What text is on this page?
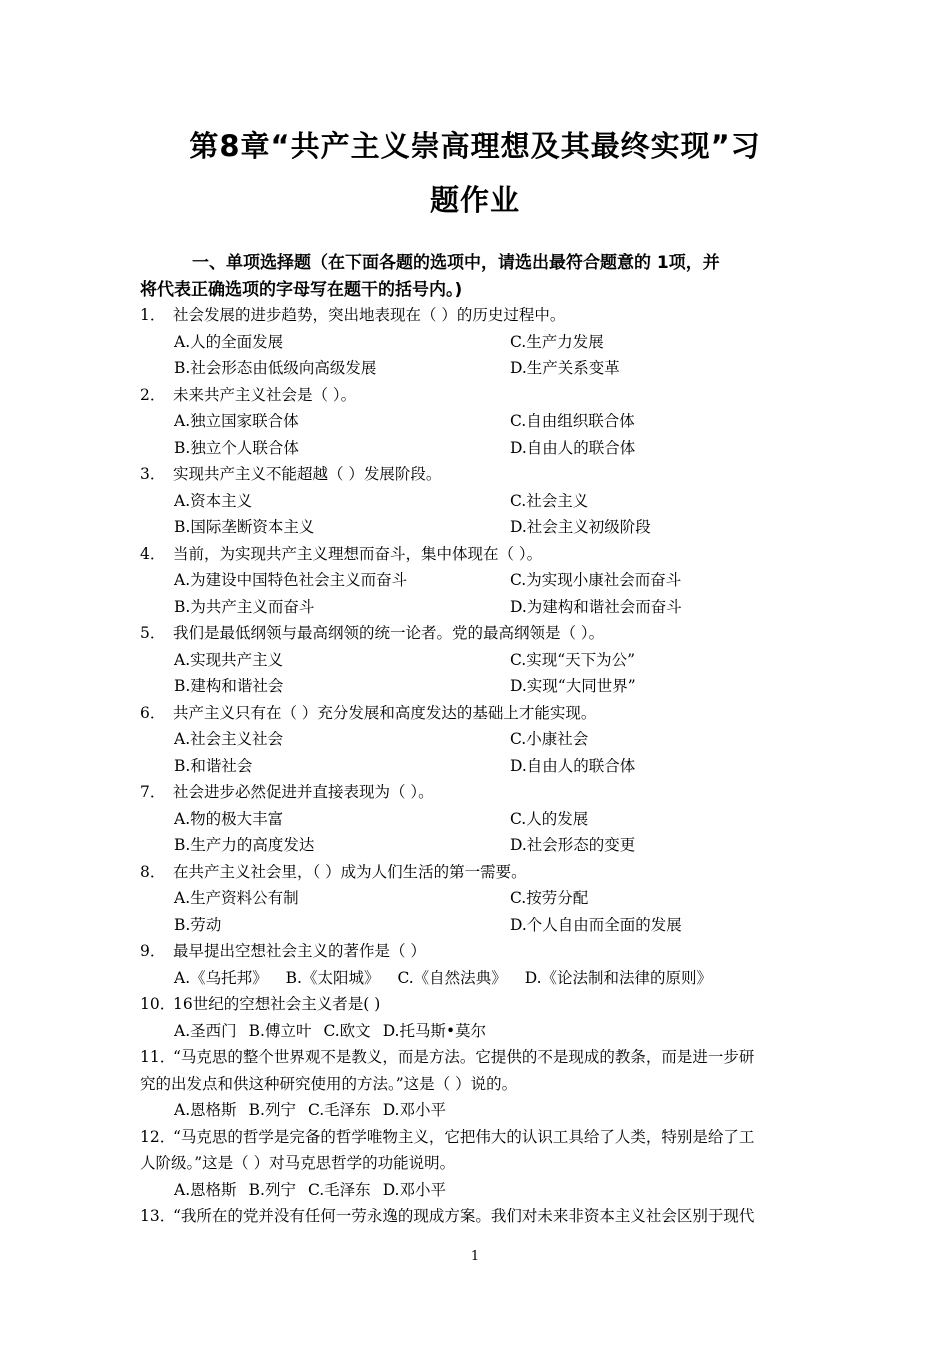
第8章“共产主义崇高理想及其最终实现”习
题作业
一、单项选择题（在下面各题的选项中，请选出最符合题意的 1项，并
将代表正确选项的字母写在题干的括号内。)
1． 社会发展的进步趋势，突出地表现在（ ）的历史过程中。
A.人的全面发展	C.生产力发展
B.社会形态由低级向高级发展	D.生产关系变革
2． 未来共产主义社会是（ ）。
A.独立国家联合体	C.自由组织联合体
B.独立个人联合体	D.自由人的联合体
3． 实现共产主义不能超越（ ）发展阶段。
A.资本主义	C.社会主义
B.国际垄断资本主义	D.社会主义初级阶段
4． 当前，为实现共产主义理想而奋斗，集中体现在（ ）。
A.为建设中国特色社会主义而奋斗	C.为实现小康社会而奋斗
B.为共产主义而奋斗	D.为建构和谐社会而奋斗
5． 我们是最低纲领与最高纲领的统一论者。党的最高纲领是（ ）。
A.实现共产主义	C.实现“天下为公”
B.建构和谐社会	D.实现“大同世界”
6． 共产主义只有在（ ）充分发展和高度发达的基础上才能实现。
A.社会主义社会	C.小康社会
B.和谐社会	D.自由人的联合体
7． 社会进步必然促进并直接表现为（ ）。
A.物的极大丰富	C.人的发展
B.生产力的高度发达	D.社会形态的变更
8． 在共产主义社会里，（ ）成为人们生活的第一需要。
A.生产资料公有制	C.按劳分配
B.劳动	D.个人自由而全面的发展
9． 最早提出空想社会主义的著作是（ ）
A.《乌托邦》 B.《太阳城》 C.《自然法典》 D.《论法制和法律的原则》
10．16世纪的空想社会主义者是( )
A.圣西门 B.傅立叶 C.欧文 D.托马斯•莫尔
11．“马克思的整个世界观不是教义，而是方法。它提供的不是现成的教条，而是进一步研
究的出发点和供这种研究使用的方法。”这是（ ）说的。
A.恩格斯 B.列宁 C.毛泽东 D.邓小平
12．“马克思的哲学是完备的哲学唯物主义，它把伟大的认识工具给了人类，特别是给了工
人阶级。”这是（ ）对马克思哲学的功能说明。
A.恩格斯 B.列宁 C.毛泽东 D.邓小平
13．“我所在的党并没有任何一劳永逸的现成方案。我们对未来非资本主义社会区别于现代
1
